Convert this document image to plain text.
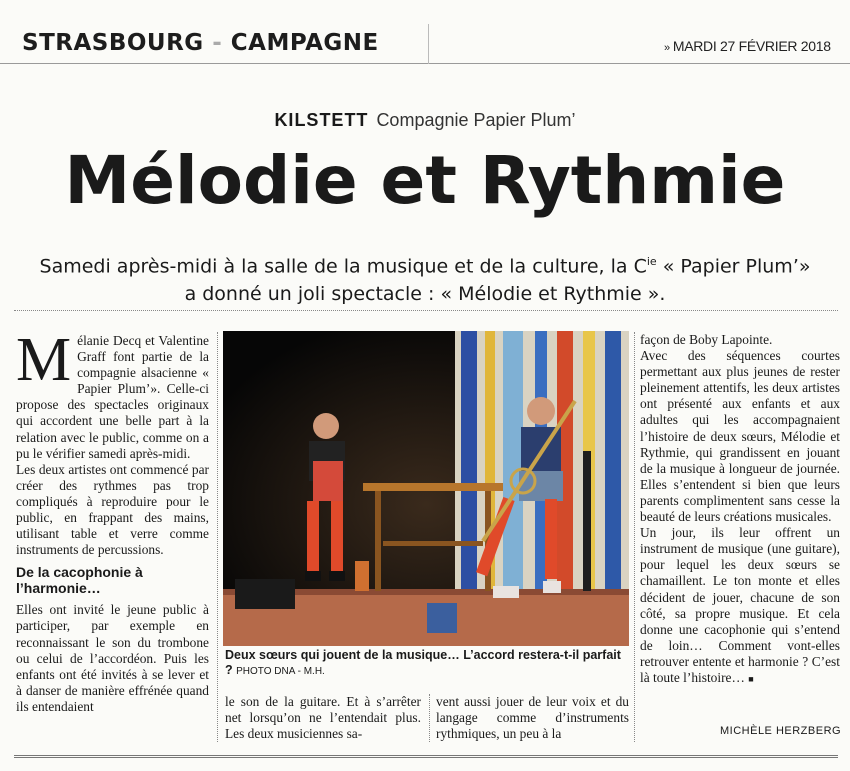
STRASBOURG - CAMPAGNE	» MARDI 27 FÉVRIER 2018
KILSTETT Compagnie Papier Plum’
Mélodie et Rythmie
Samedi après-midi à la salle de la musique et de la culture, la $C^{ie}$ « Papier Plum’»
a donné un joli spectacle : « Mélodie et Rythmie ».
M élanie Decq et Valentine Graff font partie de la compagnie alsacienne « Papier Plum’». Celle-ci propose des spectacles originaux qui accordent une belle part à la relation avec le public, comme on a pu le vérifier samedi après-midi.

Les deux artistes ont commencé par créer des rythmes pas trop compliqués à reproduire pour le public, en frappant des mains, utilisant table et verre comme instruments de percussions.

De la cacophonie à l’harmonie…

Elles ont invité le jeune public à participer, par exemple en reconnaissant le son du trombone ou celui de l’accordéon. Puis les enfants ont été invités à se lever et à danser de manière effrénée quand ils entendaient

Deux sœurs qui jouent de la musique… L’accord restera-t-il parfait ? PHOTO DNA - M.H.

le son de la guitare. Et à s’arrêter net lorsqu’on ne l’entendait plus. Les deux musiciennes sa-

vent aussi jouer de leur voix et du langage comme d’instruments rythmiques, un peu à la

façon de Boby Lapointe.

Avec des séquences courtes permettant aux plus jeunes de rester pleinement attentifs, les deux artistes ont présenté aux enfants et aux adultes qui les accompagnaient l’histoire de deux sœurs, Mélodie et Rythmie, qui grandissent en jouant de la musique à longueur de journée. Elles s’entendent si bien que leurs parents complimentent sans cesse la beauté de leurs créations musicales.

Un jour, ils leur offrent un instrument de musique (une guitare), pour lequel les deux sœurs se chamaillent. Le ton monte et elles décident de jouer, chacune de son côté, sa propre musique. Et cela donne une cacophonie qui s’entend de loin… Comment vont-elles retrouver entente et harmonie ? C’est là toute l’histoire… ■

MICHÈLE HERZBERG
